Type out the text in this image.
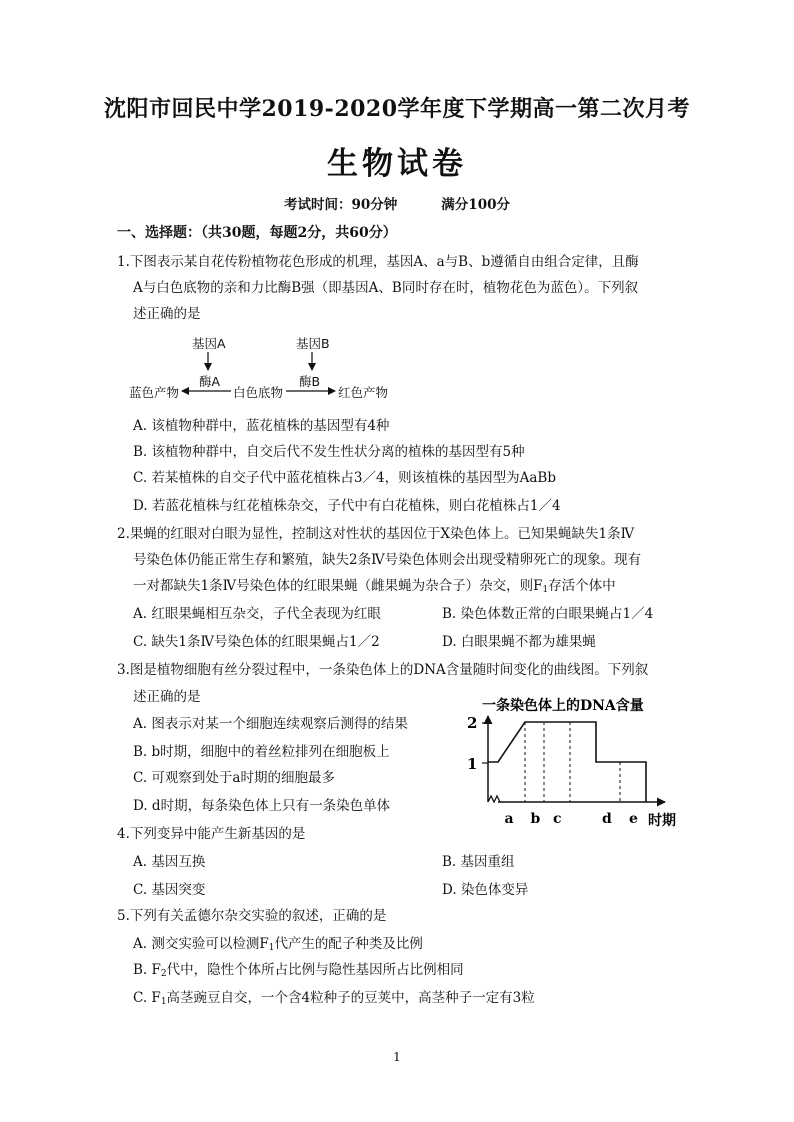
沈阳市回民中学2019-2020学年度下学期高一第二次月考
生物试卷
考试时间：90分钟	满分100分
一、选择题：（共30题，每题2分，共60分）
1.下图表示某自花传粉植物花色形成的机理，基因A、a与B、b遵循自由组合定律，且酶
A与白色底物的亲和力比酶B强（即基因A、B同时存在时，植物花色为蓝色）。下列叙
述正确的是
基因A	基因B
酶A	酶B
蓝色产物	白色底物	红色产物
A. 该植物种群中，蓝花植株的基因型有4种
B. 该植物种群中，自交后代不发生性状分离的植株的基因型有5种
C. 若某植株的自交子代中蓝花植株占3／4，则该植株的基因型为AaBb
D. 若蓝花植株与红花植株杂交，子代中有白花植株，则白花植株占1／4
2.果蝇的红眼对白眼为显性，控制这对性状的基因位于X染色体上。已知果蝇缺失1条Ⅳ
号染色体仍能正常生存和繁殖，缺失2条Ⅳ号染色体则会出现受精卵死亡的现象。现有
一对都缺失1条Ⅳ号染色体的红眼果蝇（雌果蝇为杂合子）杂交，则$F_1$存活个体中
A. 红眼果蝇相互杂交，子代全表现为红眼	B. 染色体数正常的白眼果蝇占1／4
C. 缺失1条Ⅳ号染色体的红眼果蝇占1／2	D. 白眼果蝇不都为雄果蝇
3.图是植物细胞有丝分裂过程中，一条染色体上的DNA含量随时间变化的曲线图。下列叙
述正确的是
A. 图表示对某一个细胞连续观察后测得的结果
B. b时期，细胞中的着丝粒排列在细胞板上
C. 可观察到处于a时期的细胞最多
D. d时期，每条染色体上只有一条染色单体
一条染色体上的DNA含量
2
1
a b c	d e 时期
4.下列变异中能产生新基因的是
A. 基因互换	B. 基因重组
C. 基因突变	D. 染色体变异
5.下列有关孟德尔杂交实验的叙述，正确的是
A. 测交实验可以检测$F_1$代产生的配子种类及比例
B. $F_2$代中，隐性个体所占比例与隐性基因所占比例相同
C. $F_1$高茎豌豆自交，一个含4粒种子的豆荚中，高茎种子一定有3粒
1
